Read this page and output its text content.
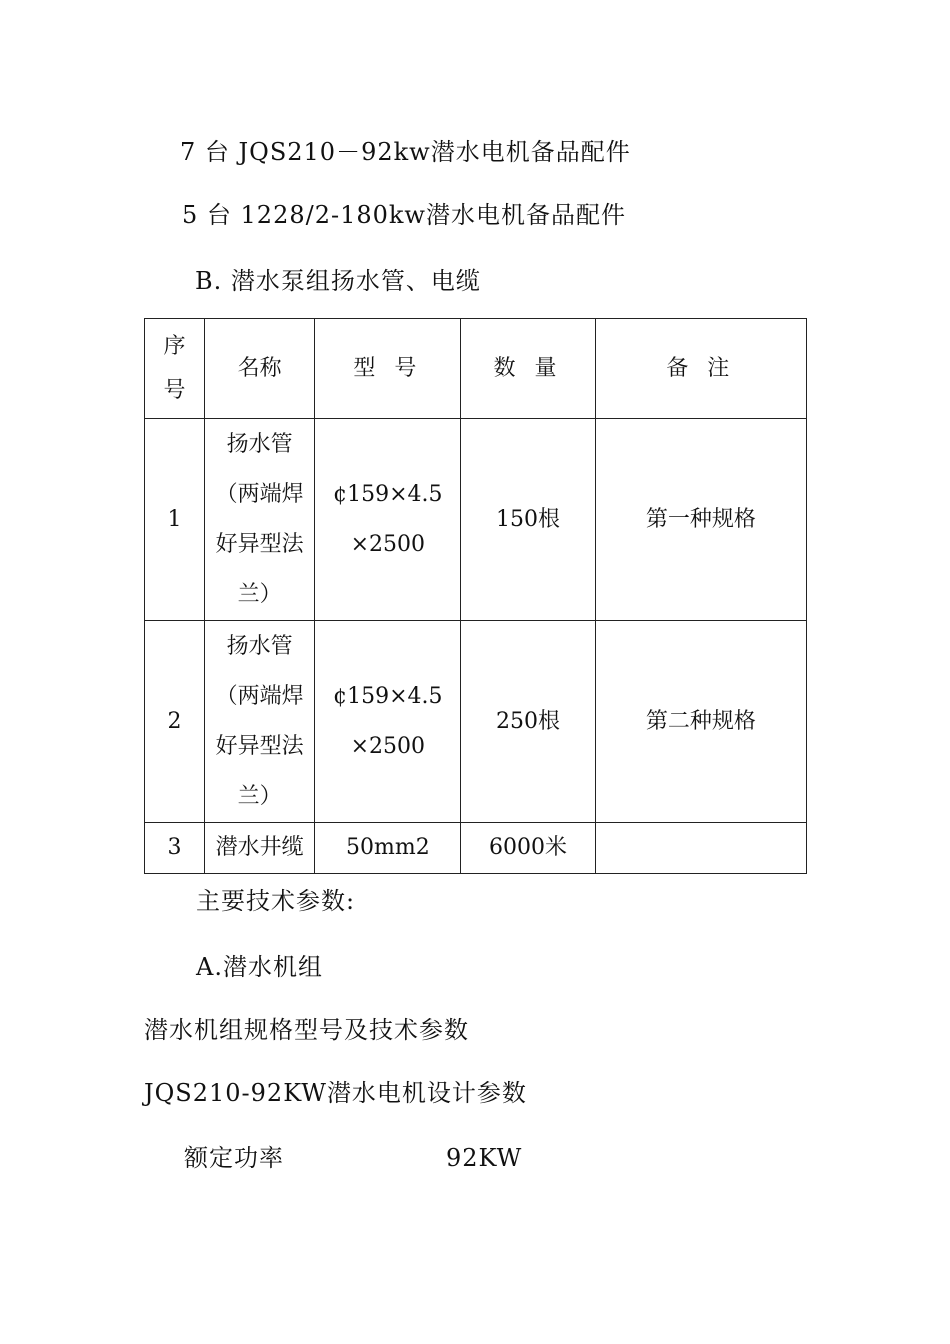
7 台 JQS210－92kw潜水电机备品配件
5 台 1228/2-180kw潜水电机备品配件
B. 潜水泵组扬水管、电缆
序号	名称	型 号	数 量	备 注
1	扬水管（两端焊好异型法兰）	¢159×4.5×2500	150根	第一种规格
2	扬水管（两端焊好异型法兰）	¢159×4.5×2500	250根	第二种规格
3	潜水井缆	50mm2	6000米	
主要技术参数:
A.潜水机组
潜水机组规格型号及技术参数
JQS210-92KW潜水电机设计参数
额定功率	92KW
